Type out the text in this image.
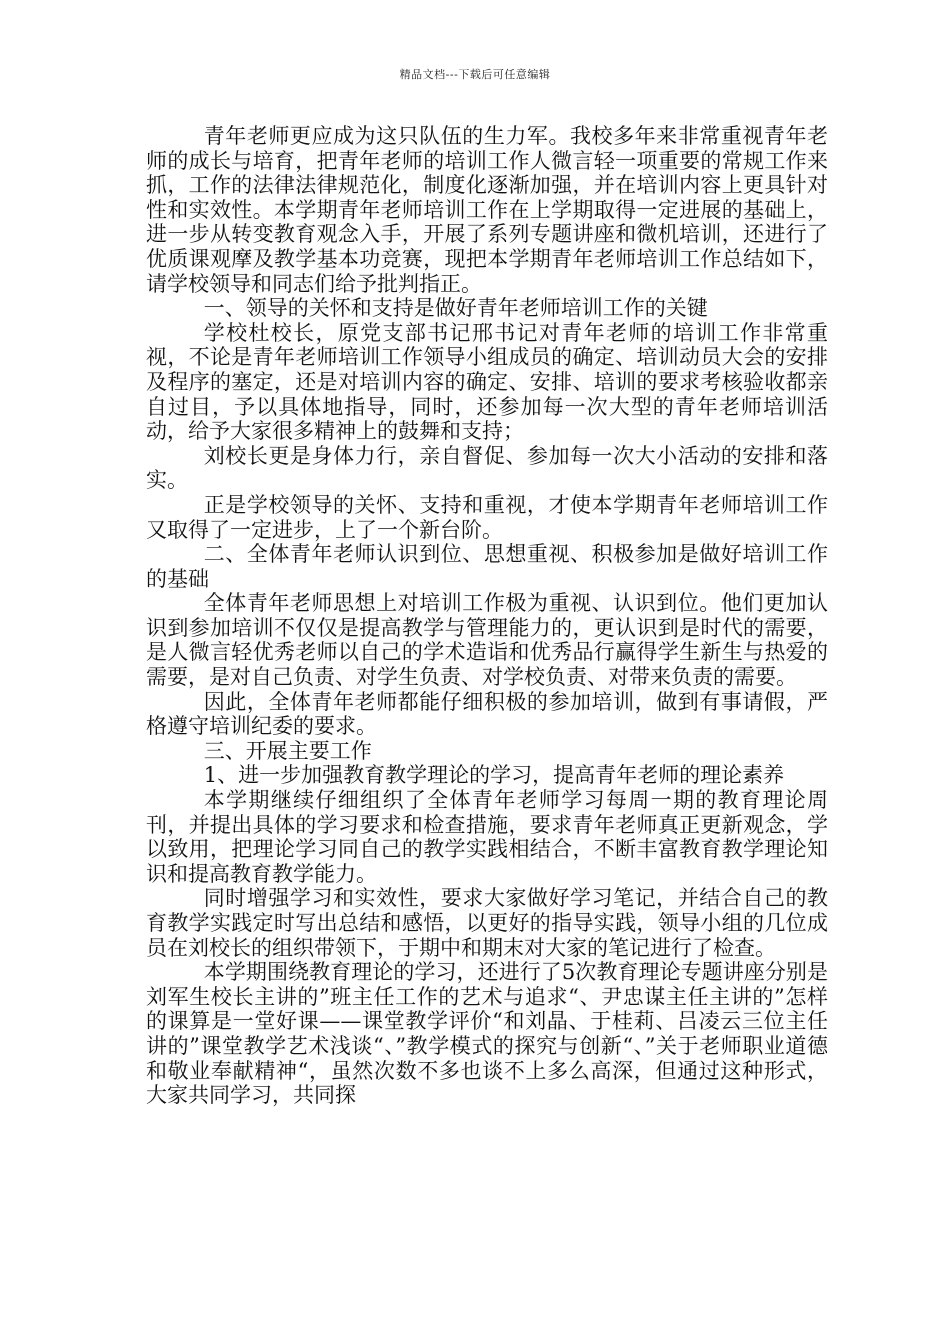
精品文档---下载后可任意编辑

青年老师更应成为这只队伍的生力军。我校多年来非常重视青年老师的成长与培育，把青年老师的培训工作人微言轻一项重要的常规工作来抓，工作的法律法律规范化，制度化逐渐加强，并在培训内容上更具针对性和实效性。本学期青年老师培训工作在上学期取得一定进展的基础上，进一步从转变教育观念入手，开展了系列专题讲座和微机培训，还进行了优质课观摩及教学基本功竞赛，现把本学期青年老师培训工作总结如下，请学校领导和同志们给予批判指正。

一、领导的关怀和支持是做好青年老师培训工作的关键

学校杜校长，原党支部书记邢书记对青年老师的培训工作非常重视，不论是青年老师培训工作领导小组成员的确定、培训动员大会的安排及程序的塞定，还是对培训内容的确定、安排、培训的要求考核验收都亲自过目，予以具体地指导，同时，还参加每一次大型的青年老师培训活动，给予大家很多精神上的鼓舞和支持；

刘校长更是身体力行，亲自督促、参加每一次大小活动的安排和落实。

正是学校领导的关怀、支持和重视，才使本学期青年老师培训工作又取得了一定进步，上了一个新台阶。

二、全体青年老师认识到位、思想重视、积极参加是做好培训工作的基础

全体青年老师思想上对培训工作极为重视、认识到位。他们更加认识到参加培训不仅仅是提高教学与管理能力的，更认识到是时代的需要，是人微言轻优秀老师以自己的学术造诣和优秀品行赢得学生新生与热爱的需要，是对自己负责、对学生负责、对学校负责、对带来负责的需要。

因此，全体青年老师都能仔细积极的参加培训，做到有事请假，严格遵守培训纪委的要求。

三、开展主要工作

1、进一步加强教育教学理论的学习，提高青年老师的理论素养

本学期继续仔细组织了全体青年老师学习每周一期的教育理论周刊，并提出具体的学习要求和检查措施，要求青年老师真正更新观念，学以致用，把理论学习同自己的教学实践相结合，不断丰富教育教学理论知识和提高教育教学能力。

同时增强学习和实效性，要求大家做好学习笔记，并结合自己的教育教学实践定时写出总结和感悟，以更好的指导实践，领导小组的几位成员在刘校长的组织带领下，于期中和期末对大家的笔记进行了检查。

本学期围绕教育理论的学习，还进行了5次教育理论专题讲座分别是刘军生校长主讲的”班主任工作的艺术与追求“、尹忠谋主任主讲的”怎样的课算是一堂好课——课堂教学评价“和刘晶、于桂莉、吕凌云三位主任讲的”课堂教学艺术浅谈“、”教学模式的探究与创新“、”关于老师职业道德和敬业奉献精神“，虽然次数不多也谈不上多么高深，但通过这种形式，大家共同学习，共同探
